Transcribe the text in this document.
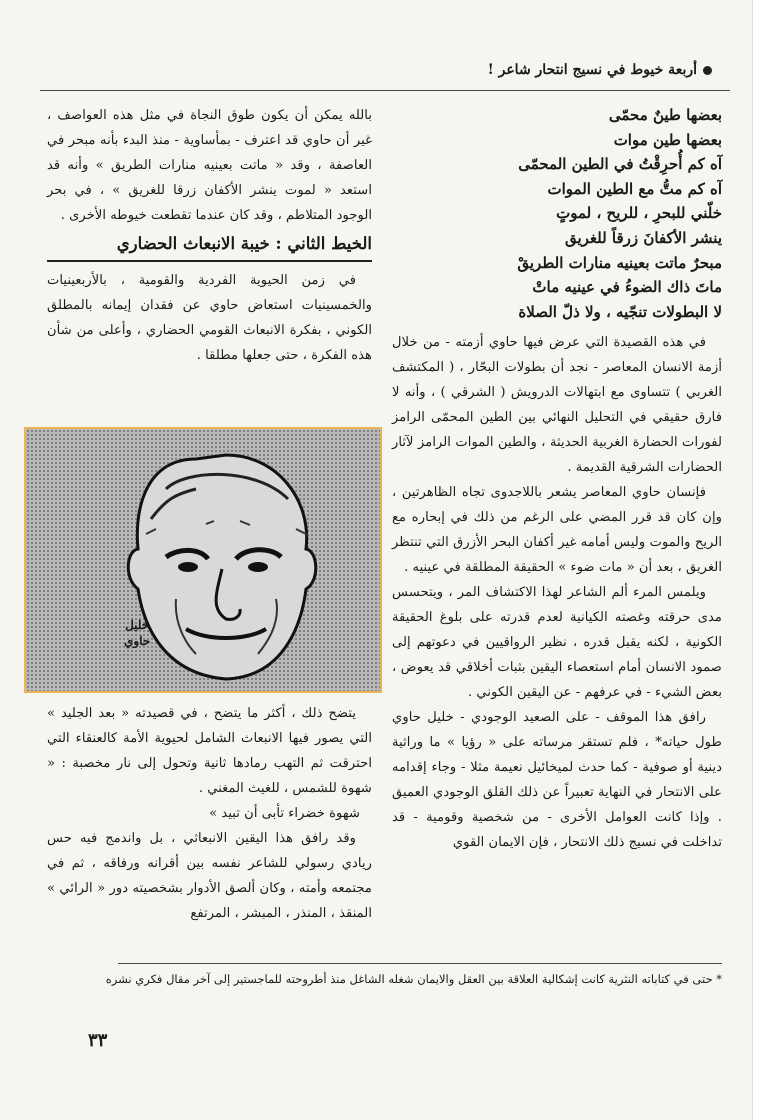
أربعة خيوط في نسيج انتحار شاعر !
بعضها طينٌ محمّى
بعضها طين موات
آه كم أُحرِقْتُ في الطين المحمّى
آه كم متُّ مع الطين الموات
خلّني للبحرِ ، للريح ، لموتٍ
ينشر الأكفانَ زرقاً للغريق
مبحرٌ ماتت بعينيه منارات الطريقْ
ماتَ ذاك الضوءُ في عينيه ماتْ
لا البطولات تنجّيه ، ولا ذلّ الصلاة

في هذه القصيدة التي عرض فيها حاوي أزمته - من خلال أزمة الانسان المعاصر - نجد أن بطولات البحّار ، ( المكتشف الغربي ) تتساوى مع ابتهالات الدرويش ( الشرقي ) ، وأنه لا فارق حقيقي في التحليل النهائي بين الطين المحمّى الرامز لفورات الحضارة الغربية الحديثة ، والطين الموات الرامز لآثار الحضارات الشرقية القديمة .

فإنسان حاوي المعاصر يشعر باللاجدوى تجاه الظاهرتين ، وإن كان قد قرر المضي على الرغم من ذلك في إبحاره مع الريح والموت وليس أمامه غير أكفان البحر الأزرق التي تنتظر الغريق ، بعد أن « مات ضوء » الحقيقة المطلقة في عينيه .

ويلمس المرء ألم الشاعر لهذا الاكتشاف المر ، ويتحسس مدى حرقته وغصته الكيانية لعدم قدرته على بلوغ الحقيقة الكونية ، لكنه يقبل قدره ، نظير الرواقيين في دعوتهم إلى صمود الانسان أمام استعصاء اليقين بثبات أخلاقي قد يعوض ، بعض الشيء - في عرفهم - عن اليقين الكوني .

رافق هذا الموقف - على الصعيد الوجودي - خليل حاوي طول حياته* ، فلم تستقر مرساته على « رؤيا » ما وراثية دينية أو صوفية - كما حدث لميخائيل نعيمة مثلا - وجاء إقدامه على الانتحار في النهاية تعبيراً عن ذلك القلق الوجودي العميق . وإذا كانت العوامل الأخرى - من شخصية وقومية - قد تداخلت في نسيج ذلك الانتحار ، فإن الايمان القوي

بالله يمكن أن يكون طوق النجاة في مثل هذه العواصف ، غير أن حاوي قد اعترف - بمأساوية - منذ البدء بأنه مبحر في العاصفة ، وقد « ماتت بعينيه منارات الطريق » وأنه قد استعد « لموت ينشر الأكفان زرقا للغريق » ، في بحر الوجود المتلاطم ، وقد كان عندما تقطعت خيوطه الأخرى .

الخيط الثاني : خيبة الانبعاث الحضاري

في زمن الحيوية الفردية والقومية ، بالأربعينيات والخمسينيات استعاض حاوي عن فقدان إيمانه بالمطلق الكوني ، بفكرة الانبعاث القومي الحضاري ، وأعلى من شأن هذه الفكرة ، حتى جعلها مطلقا .

خليل
حاوي

يتضح ذلك ، أكثر ما يتضح ، في قصيدته « بعد الجليد » التي يصور فيها الانبعاث الشامل لحيوية الأمة كالعنقاء التي احترقت ثم التهب رمادها ثانية وتحول إلى نار مخصبة : « شهوة للشمس ، للغيث المغني .

شهوة خضراء تأبى أن تبيد »

وقد رافق هذا اليقين الانبعاثي ، بل واندمج فيه حس ريادي رسولي للشاعر نفسه بين أقرانه ورفاقه ، ثم في مجتمعه وأمته ، وكان ألصق الأدوار بشخصيته دور « الرائي » المنقذ ، المنذر ، المبشر ، المرتفع

* حتى في كتاباته النثرية كانت إشكالية العلاقة بين العقل والايمان شغله الشاغل منذ أطروحته للماجستير إلى آخر مقال فكري نشره
٣٣
